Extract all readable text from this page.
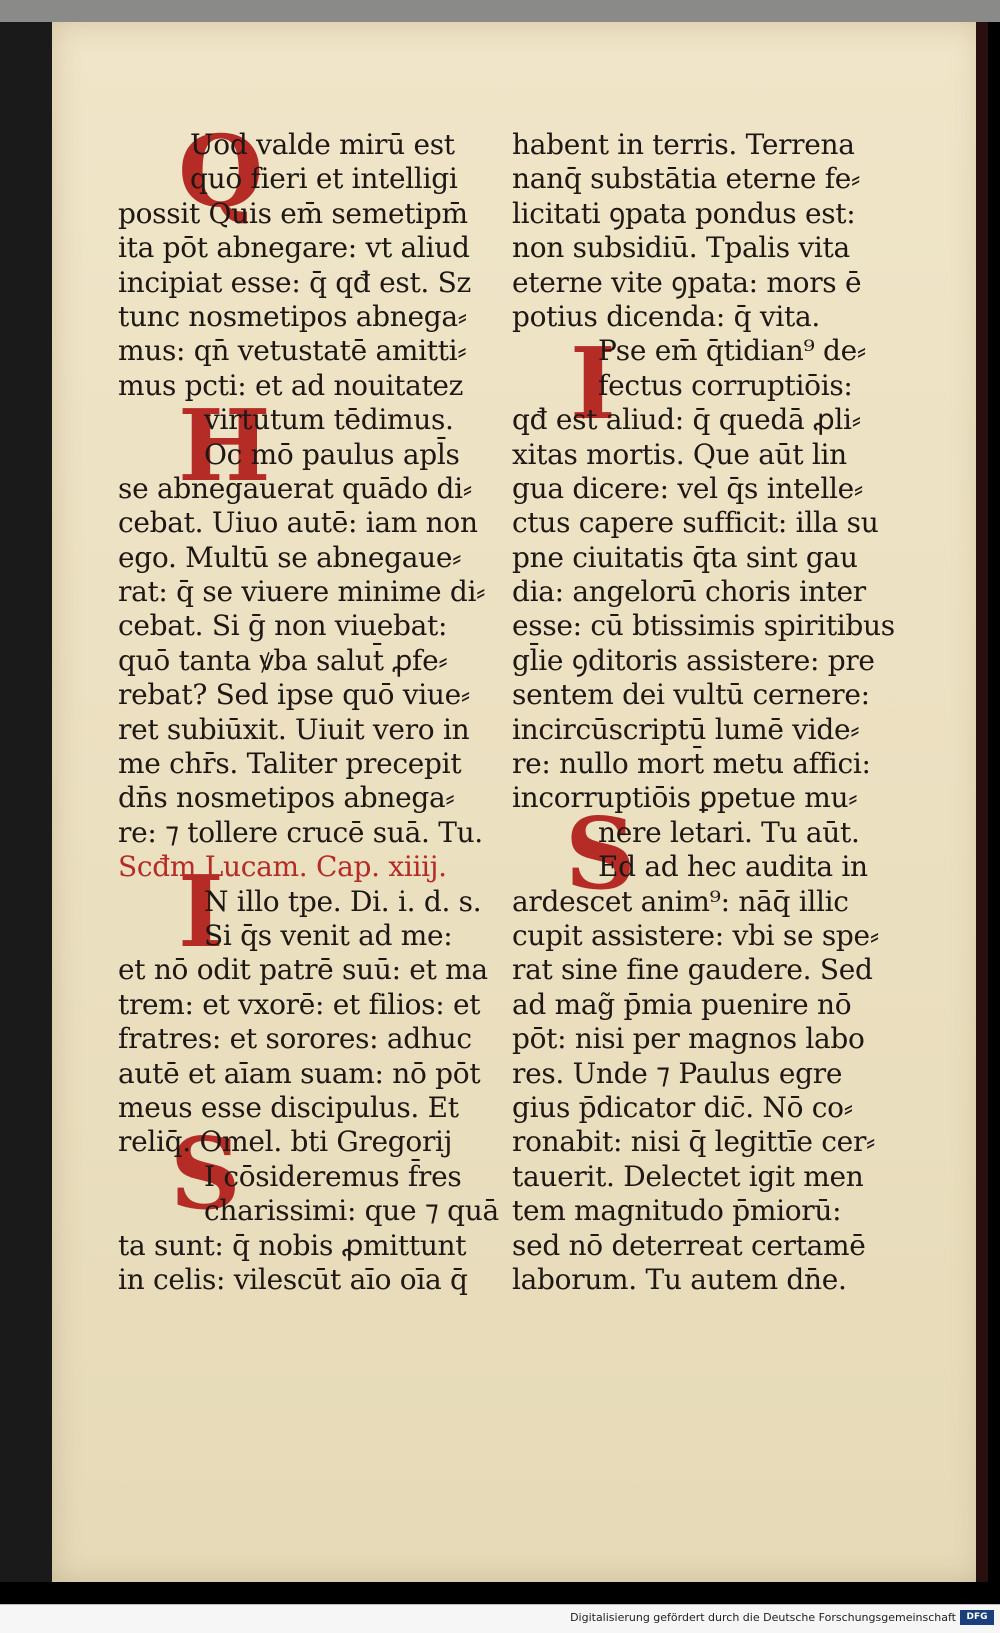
Q
H
I
S
I
S
Uod valde mirū est
quō fieri et intelligi
possit Quis em̄ semetipm̄
ita pōt abnegare: vt aliud
incipiat esse: q̄ qđ est. Sz
tunc nosmetipos abnega⸗
mus: qn̄ vetustatē amitti⸗
mus pcti: et ad nouitatez
virtutum tēdimus.
Oc mō paulus apl̄s
se abnegauerat quādo di⸗
cebat. Uiuo autē: iam non
ego. Multū se abnegaue⸗
rat: q̄ se viuere minime di⸗
cebat. Si ḡ non viuebat:
quō tanta ꝟba salut̄ ꝓfe⸗
rebat? Sed ipse quō viue⸗
ret subiūxit. Uiuit vero in
me chr̄s. Taliter precepit
dn̄s nosmetipos abnega⸗
re: ⁊ tollere crucē suā. Tu.
Scđm Lucam. Cap. xiiij.
N illo tpe. Di. i. d. s.
Si q̄s venit ad me:
et nō odit patrē suū: et ma
trem: et vxorē: et filios: et
fratres: et sorores: adhuc
autē et aīam suam: nō pōt
meus esse discipulus. Et
reliq̄. Omel. bti Gregorij
I cōsideremus f̄res
charissimi: que ⁊ quā
ta sunt: q̄ nobis ꝓmittunt
in celis: vilescūt aīo oīa q̄
habent in terris. Terrena
nanq̄ substātia eterne fe⸗
licitati ꝯpata pondus est:
non subsidiū. Tpalis vita
eterne vite ꝯpata: mors ē
potius dicenda: q̄ vita.
Pse em̄ q̄tidian⁹ de⸗
fectus corruptiōis:
qđ est aliud: q̄ quedā ꝓli⸗
xitas mortis. Que aūt lin
gua dicere: vel q̄s intelle⸗
ctus capere sufficit: illa su
pne ciuitatis q̄ta sint gau
dia: angelorū choris inter
esse: cū btissimis spiritibus
gl̄ie ꝯditoris assistere: pre
sentem dei vultū cernere:
incircūscriptū lumē vide⸗
re: nullo mort̄ metu affici:
incorruptiōis ꝑpetue mu⸗
nere letari. Tu aūt.
Ed ad hec audita in
ardescet anim⁹: nāq̄ illic
cupit assistere: vbi se spe⸗
rat sine fine gaudere. Sed
ad mag̃ p̄mia puenire nō
pōt: nisi per magnos labo
res. Unde ⁊ Paulus egre
gius p̄dicator dic̄. Nō co⸗
ronabit: nisi q̄ legittīe cer⸗
tauerit. Delectet igit men
tem magnitudo p̄miorū:
sed nō deterreat certamē
laborum. Tu autem dn̄e.
Digitalisierung gefördert durch die Deutsche Forschungsgemeinschaft	DFG
